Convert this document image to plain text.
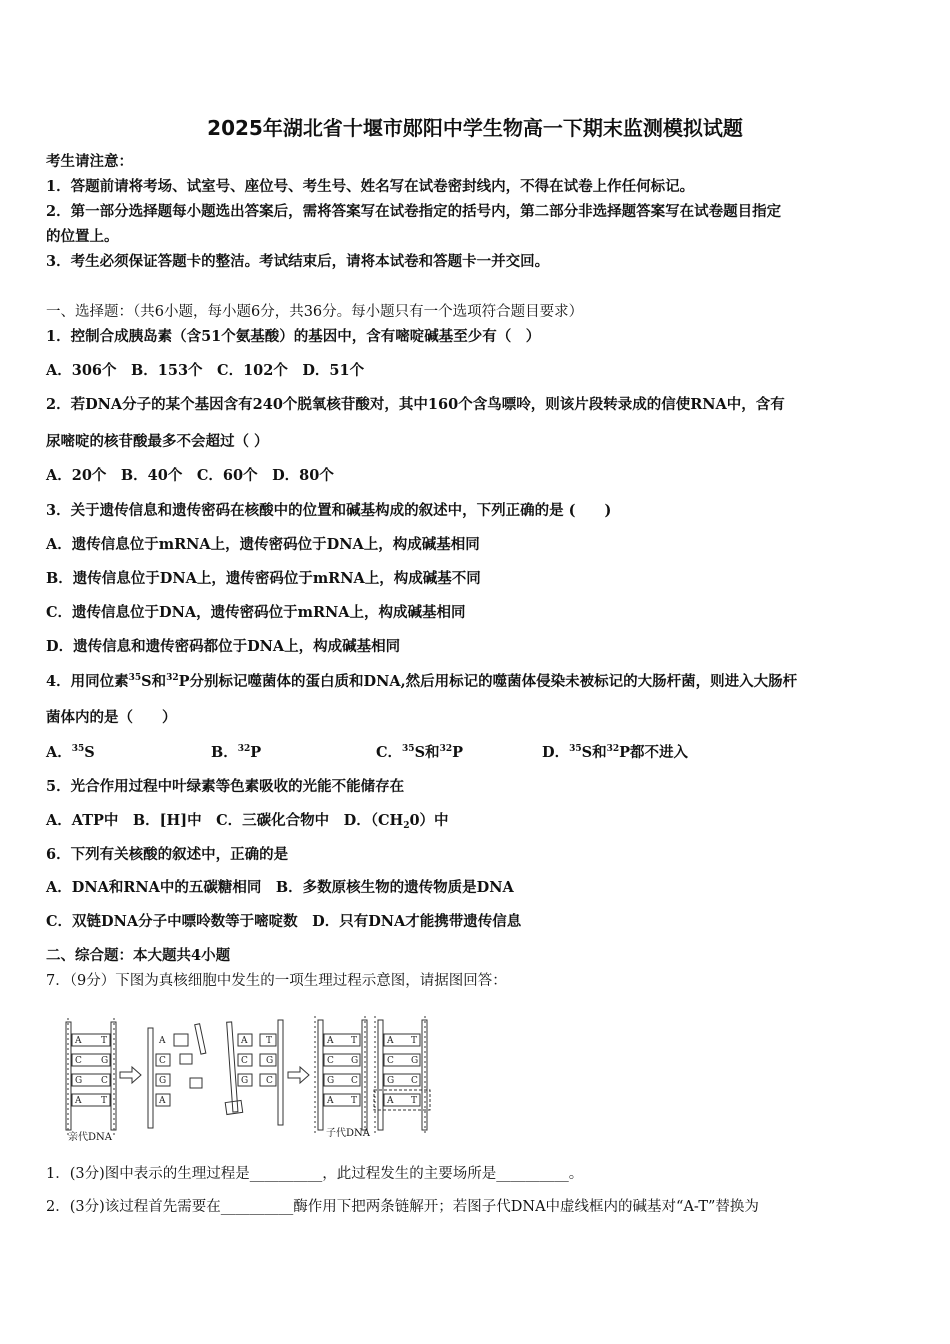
2025年湖北省十堰市郧阳中学生物高一下期末监测模拟试题
考生请注意：
1．答题前请将考场、试室号、座位号、考生号、姓名写在试卷密封线内，不得在试卷上作任何标记。
2．第一部分选择题每小题选出答案后，需将答案写在试卷指定的括号内，第二部分非选择题答案写在试卷题目指定
的位置上。
3．考生必须保证答题卡的整洁。考试结束后，请将本试卷和答题卡一并交回。
一、选择题：（共6小题，每小题6分，共36分。每小题只有一个选项符合题目要求）
1．控制合成胰岛素（含51个氨基酸）的基因中，含有嘧啶碱基至少有（　）
A．306个　B．153个　C．102个　D．51个
2．若DNA分子的某个基因含有240个脱氧核苷酸对，其中160个含鸟嘌呤，则该片段转录成的信使RNA中，含有
尿嘧啶的核苷酸最多不会超过（ ）
A．20个　B．40个　C．60个　D．80个
3．关于遗传信息和遗传密码在核酸中的位置和碱基构成的叙述中，下列正确的是 (　　)
A．遗传信息位于mRNA上，遗传密码位于DNA上，构成碱基相同
B．遗传信息位于DNA上，遗传密码位于mRNA上，构成碱基不同
C．遗传信息位于DNA，遗传密码位于mRNA上，构成碱基相同
D．遗传信息和遗传密码都位于DNA上，构成碱基相同
4．用同位素$^{35}$S和$^{32}$P分别标记噬菌体的蛋白质和DNA,然后用标记的噬菌体侵染未被标记的大肠杆菌，则进入大肠杆
菌体内的是（　　）
A．$^{35}$S	B．$^{32}$P	C．$^{35}$S和$^{32}$P	D．$^{35}$S和$^{32}$P都不进入
5．光合作用过程中叶绿素等色素吸收的光能不能储存在
A．ATP中　B．[H]中　C．三碳化合物中　D．$(CH_20)$中
6．下列有关核酸的叙述中，正确的是
A．DNA和RNA中的五碳糖相同　B．多数原核生物的遗传物质是DNA
C．双链DNA分子中嘌呤数等于嘧啶数　D．只有DNA才能携带遗传信息
二、综合题：本大题共4小题
7．（9分）下图为真核细胞中发生的一项生理过程示意图，请据图回答：
A T
C G
G C
A T
A
C
G
A
A
C
G
T
G
C
A T
C G
G C
A T
A T
C G
G C
A T
亲代DNA	子代DNA
1．(3分)图中表示的生理过程是__________，此过程发生的主要场所是__________。
2．(3分)该过程首先需要在__________酶作用下把两条链解开；若图子代DNA中虚线框内的碱基对“A-T”替换为
